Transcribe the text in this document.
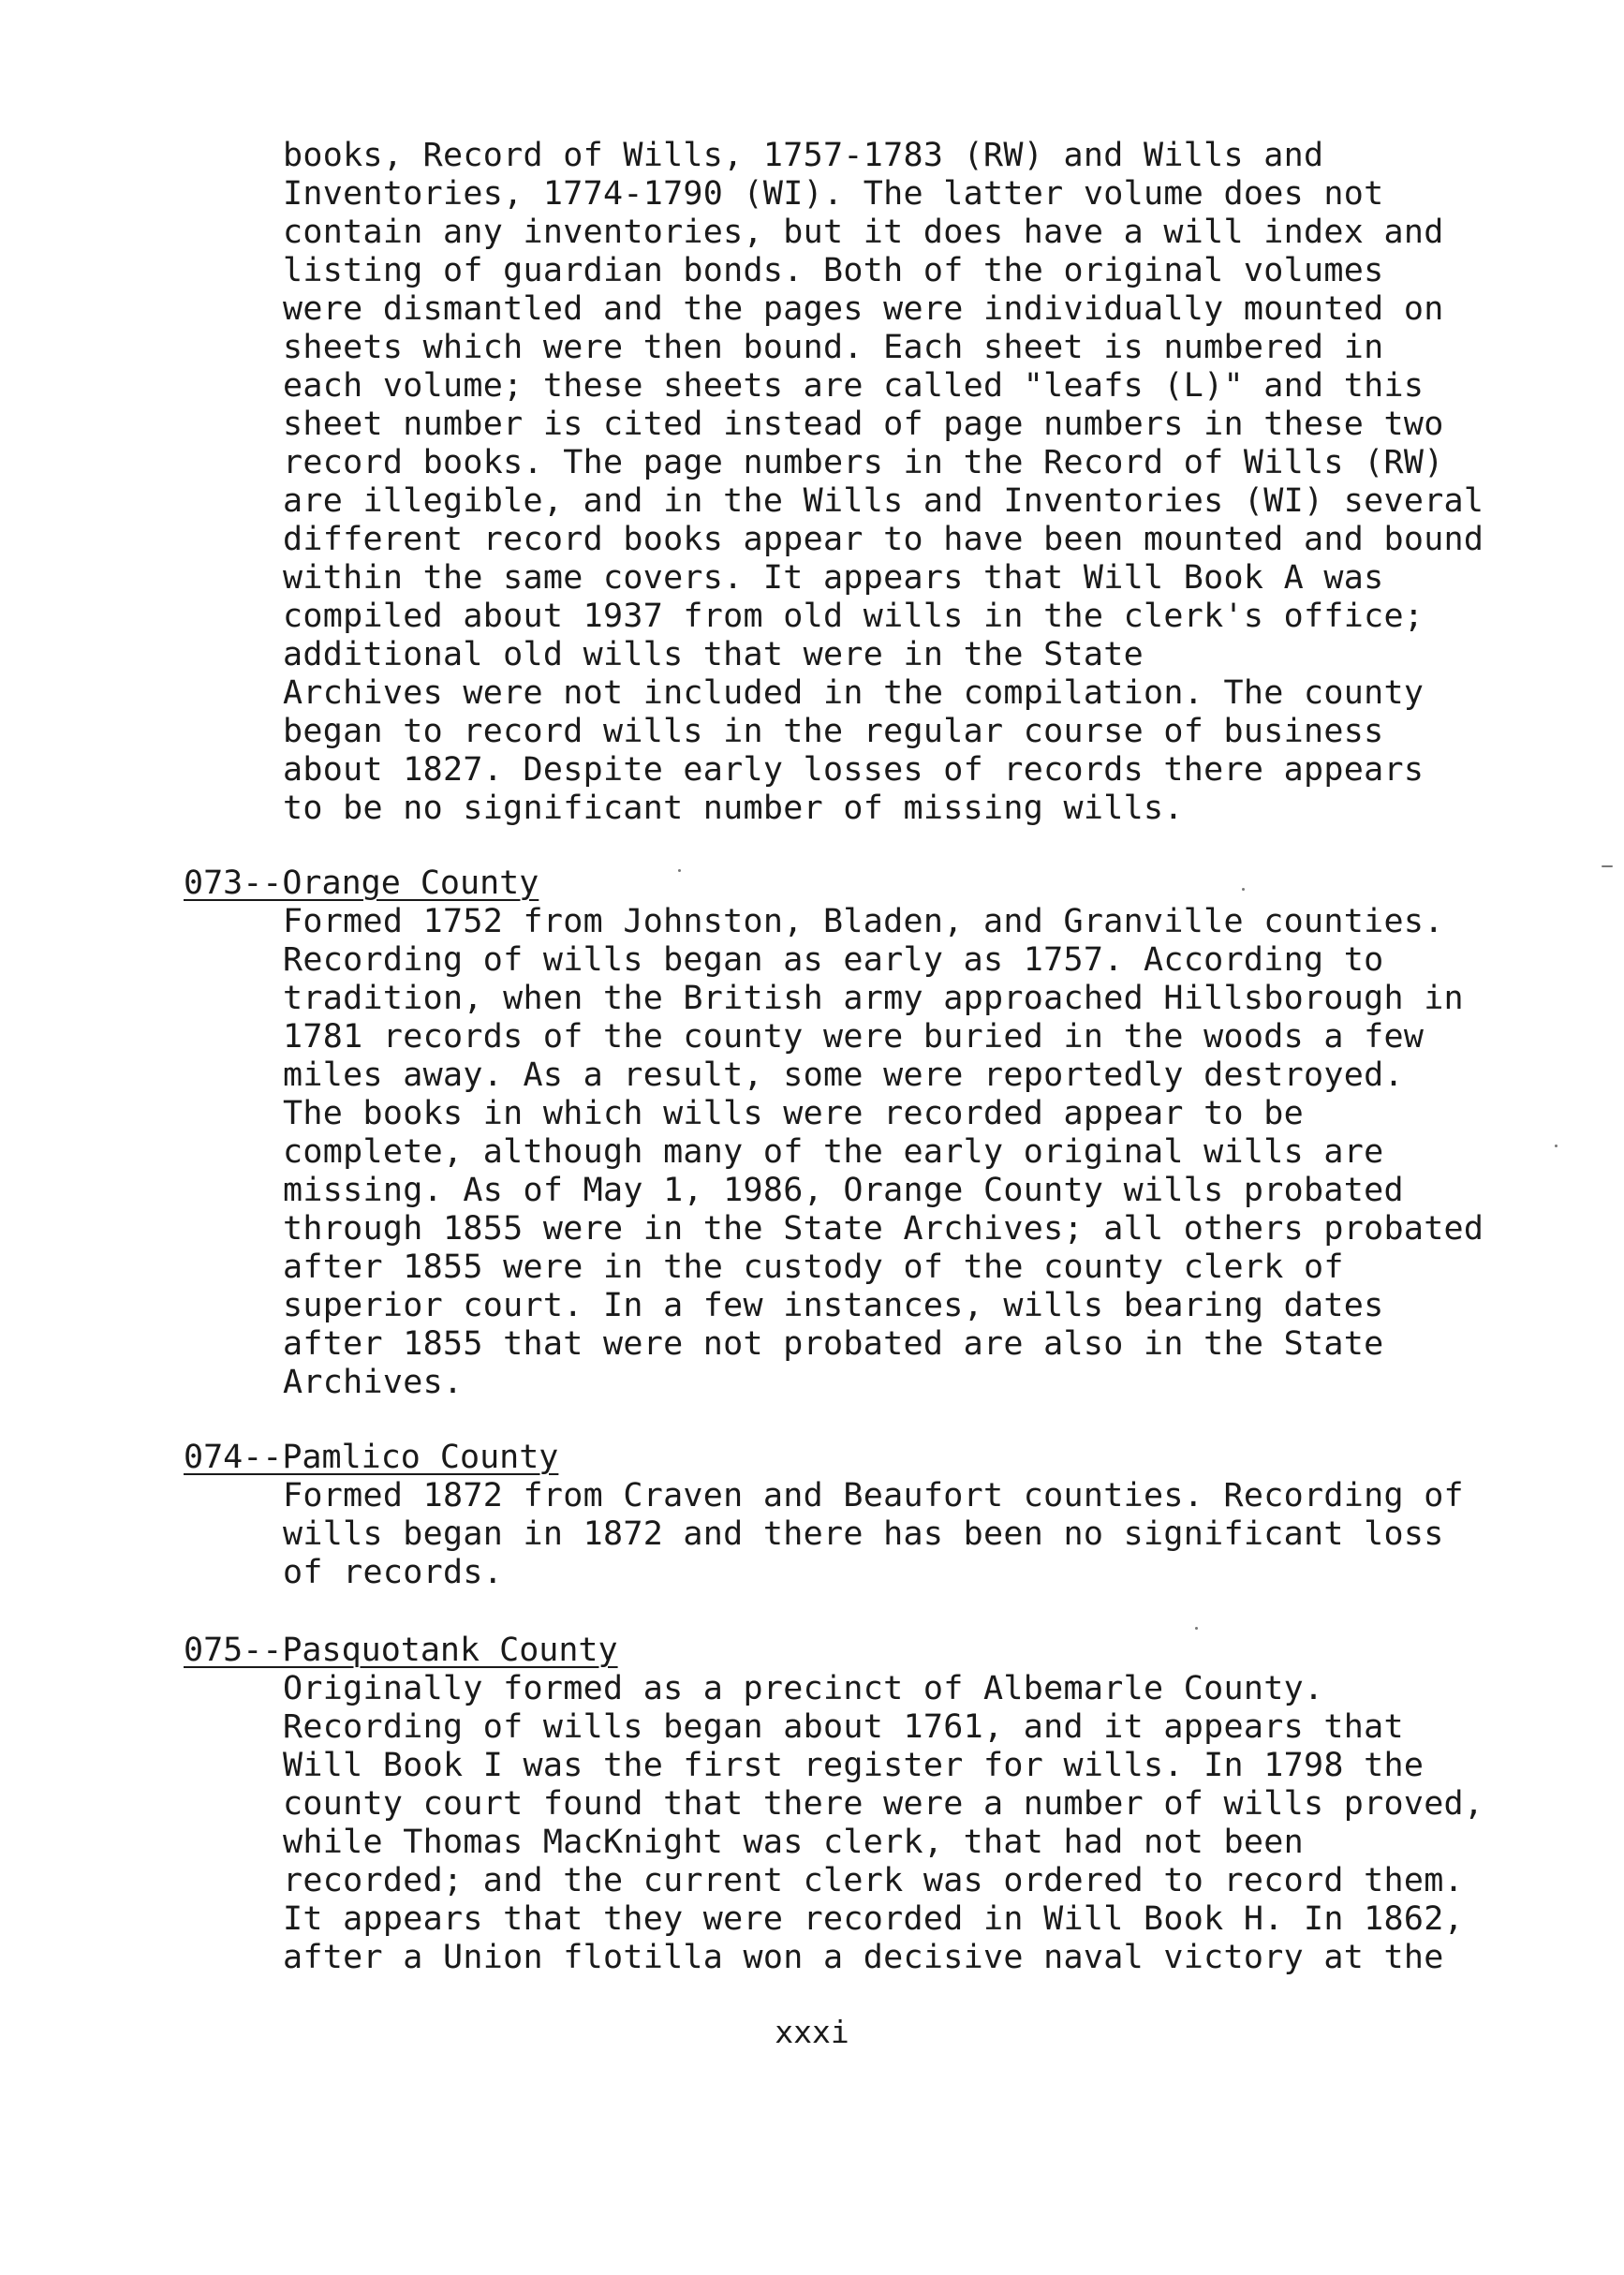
books, Record of Wills, 1757-1783 (RW) and Wills and
Inventories, 1774-1790 (WI). The latter volume does not
contain any inventories, but it does have a will index and
listing of guardian bonds. Both of the original volumes
were dismantled and the pages were individually mounted on
sheets which were then bound. Each sheet is numbered in
each volume; these sheets are called "leafs (L)" and this
sheet number is cited instead of page numbers in these two
record books. The page numbers in the Record of Wills (RW)
are illegible, and in the Wills and Inventories (WI) several
different record books appear to have been mounted and bound
within the same covers. It appears that Will Book A was
compiled about 1937 from old wills in the clerk's office;
additional old wills that were in the State
Archives were not included in the compilation. The county
began to record wills in the regular course of business
about 1827. Despite early losses of records there appears
to be no significant number of missing wills.
073--Orange County
Formed 1752 from Johnston, Bladen, and Granville counties.
Recording of wills began as early as 1757. According to
tradition, when the British army approached Hillsborough in
1781 records of the county were buried in the woods a few
miles away. As a result, some were reportedly destroyed.
The books in which wills were recorded appear to be
complete, although many of the early original wills are
missing. As of May 1, 1986, Orange County wills probated
through 1855 were in the State Archives; all others probated
after 1855 were in the custody of the county clerk of
superior court. In a few instances, wills bearing dates
after 1855 that were not probated are also in the State
Archives.
074--Pamlico County
Formed 1872 from Craven and Beaufort counties. Recording of
wills began in 1872 and there has been no significant loss
of records.
075--Pasquotank County
Originally formed as a precinct of Albemarle County.
Recording of wills began about 1761, and it appears that
Will Book I was the first register for wills. In 1798 the
county court found that there were a number of wills proved,
while Thomas MacKnight was clerk, that had not been
recorded; and the current clerk was ordered to record them.
It appears that they were recorded in Will Book H. In 1862,
after a Union flotilla won a decisive naval victory at the
xxxi
